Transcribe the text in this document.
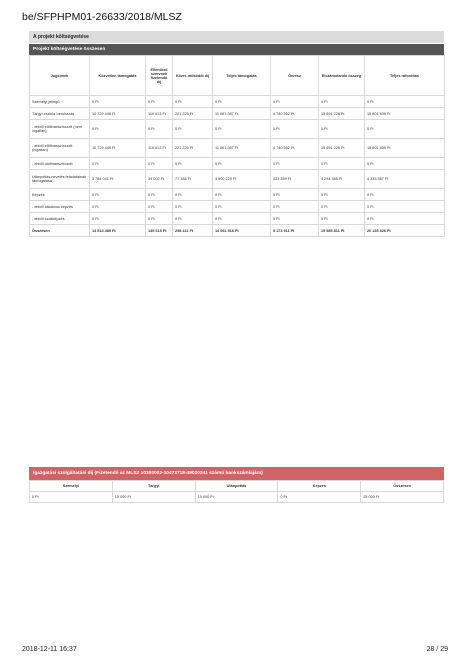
be/SFPHPM01-26633/2018/MLSZ
A projekt költségvetése
Projekt költségvetése összesen
Jogcímek	Közvetlen támogatás	Ellenőrző szervnek fizetendő díj	Közre-működői díj	Teljes támogatás	Önrész	Elszámolandó összeg	Teljes ráfordítás
Személyi jellegű	0 Ft	0 Ft	0 Ft	0 Ft	0 Ft	0 Ft	0 Ft
Tárgyi eszköz beruházás	10 729 446 Ft	110 613 Ft	221 226 Ft	11 061 287 Ft	4 740 552 Ft	15 691 226 Ft	15 801 839 Ft
- ebből előfinanszírozott (nem ingatlan)	0 Ft	0 Ft	0 Ft	0 Ft	0 Ft	0 Ft	0 Ft
- ebből előfinanszírozott (ingatlan)	10 729 446 Ft	110 613 Ft	221 226 Ft	11 061 287 Ft	4 740 552 Ft	15 691 226 Ft	15 801 839 Ft
- ebből utófinanszírozott	0 Ft	0 Ft	0 Ft	0 Ft	0 Ft	0 Ft	0 Ft
Utánpótlás-nevelés feladatainak támogatása	3 784 041 Ft	39 002 Ft	77 186 Ft	3 900 229 Ft	433 359 Ft	4 294 585 Ft	4 333 587 Ft
Képzés	0 Ft	0 Ft	0 Ft	0 Ft	0 Ft	0 Ft	0 Ft
- ebből általános képzés	0 Ft	0 Ft	0 Ft	0 Ft	0 Ft	0 Ft	0 Ft
- ebből szakképzés	0 Ft	0 Ft	0 Ft	0 Ft	0 Ft	0 Ft	0 Ft
Összesen	14 513 489 Ft	149 615 Ft	298 411 Ft	14 961 516 Ft	5 173 911 Ft	19 985 811 Ft	20 135 426 Ft
Igazgatási szolgáltatási díj (Fizetendő az MLSZ 10300002-10473718-49020341 számú bankszámlájára)
Személyi	Tárgyi	Utánpótlás	Képzés	Összesen
0 Ft	15 000 Ft	10 000 Ft	0 Ft	25 000 Ft
2018-12-11 16:37	28 / 29
